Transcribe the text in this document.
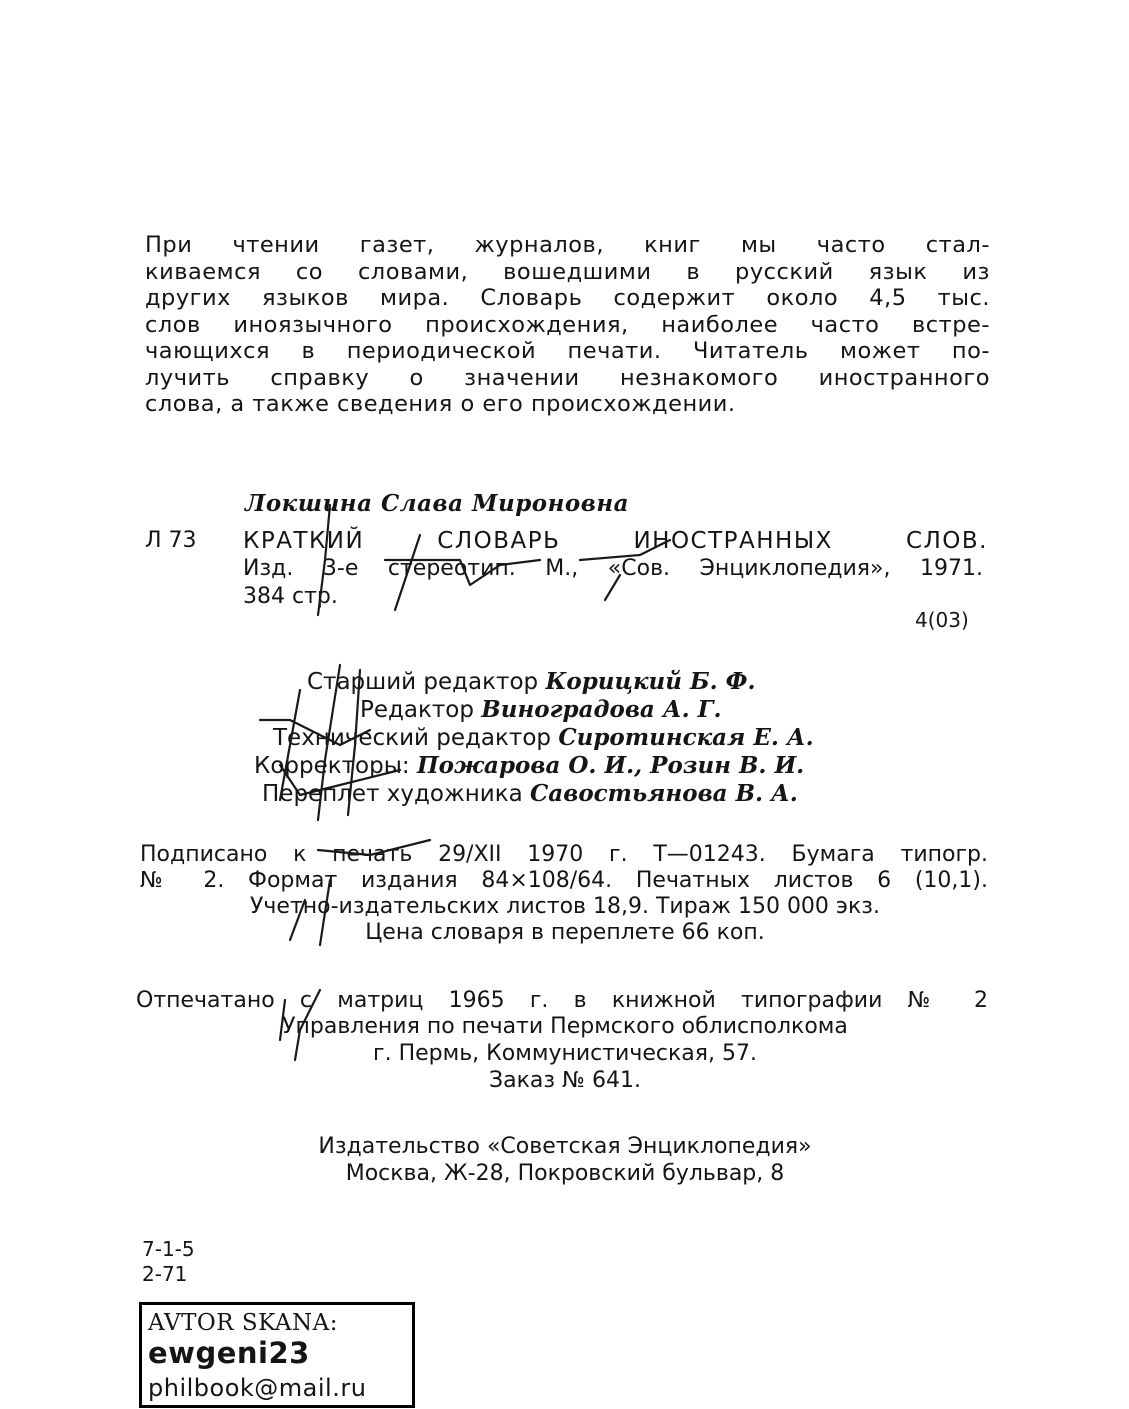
При чтении газет, журналов, книг мы часто стал-
киваемся со словами, вошедшими в русский язык из
других языков мира. Словарь содержит около 4,5 тыс.
слов иноязычного происхождения, наиболее часто встре-
чающихся в периодической печати. Читатель может по-
лучить справку о значении незнакомого иностранного
слова, а также сведения о его происхождении.
Локшина Слава Мироновна
Л 73 КРАТКИЙ СЛОВАРЬ ИНОСТРАННЫХ СЛОВ.
Изд. 3-е стереотип. М., «Сов. Энциклопедия», 1971.
384 стр.
4(03)
Старший редактор Корицкий Б. Ф.
Редактор Виноградова А. Г.
Технический редактор Сиротинская Е. А.
Корректоры: Пожарова О. И., Розин В. И.
Переплет художника Савостьянова В. А.
Подписано к печать 29/XII 1970 г. Т—01243. Бумага типогр.
№ 2. Формат издания 84×108/64. Печатных листов 6 (10,1).
Учетно-издательских листов 18,9. Тираж 150 000 экз.
Цена словаря в переплете 66 коп.
Отпечатано с матриц 1965 г. в книжной типографии № 2
Управления по печати Пермского облисполкома
г. Пермь, Коммунистическая, 57.
Заказ № 641.
Издательство «Советская Энциклопедия»
Москва, Ж-28, Покровский бульвар, 8
7-1-5
2-71
AVTOR SKANA:
ewgeni23
philbook@mail.ru
